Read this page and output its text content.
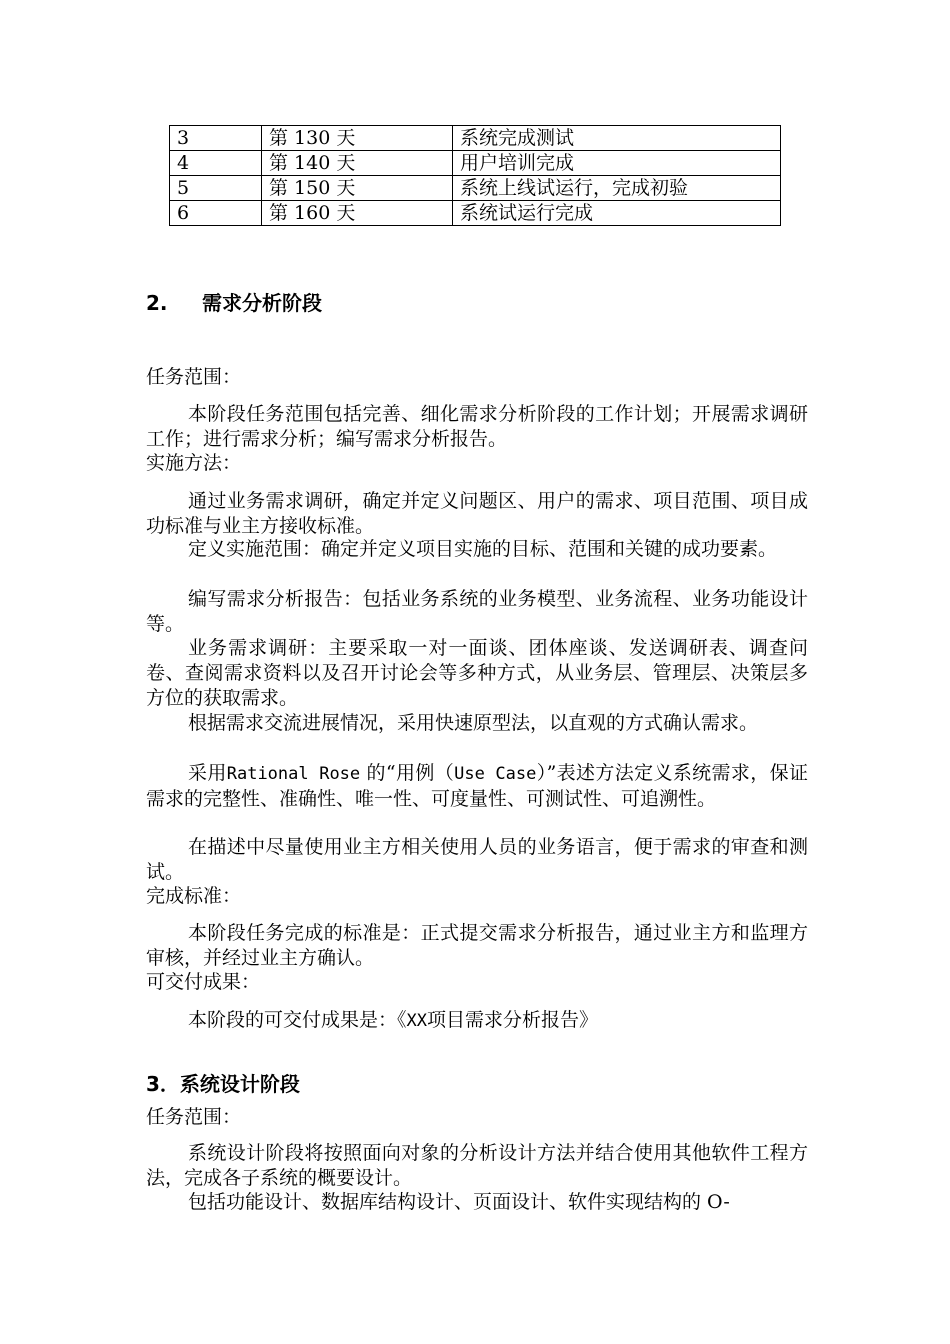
3	第 130 天	系统完成测试
4	第 140 天	用户培训完成
5	第 150 天	系统上线试运行，完成初验
6	第 160 天	系统试运行完成
2. 需求分析阶段
任务范围：
本阶段任务范围包括完善、细化需求分析阶段的工作计划；开展需求调研工作；进行需求分析；编写需求分析报告。
实施方法：
通过业务需求调研，确定并定义问题区、用户的需求、项目范围、项目成功标准与业主方接收标准。
定义实施范围：确定并定义项目实施的目标、范围和关键的成功要素。
编写需求分析报告：包括业务系统的业务模型、业务流程、业务功能设计等。
业务需求调研：主要采取一对一面谈、团体座谈、发送调研表、调查问卷、查阅需求资料以及召开讨论会等多种方式，从业务层、管理层、决策层多方位的获取需求。
根据需求交流进展情况，采用快速原型法，以直观的方式确认需求。
采用Rational Rose 的“用例（Use Case）”表述方法定义系统需求，保证需求的完整性、准确性、唯一性、可度量性、可测试性、可追溯性。
在描述中尽量使用业主方相关使用人员的业务语言，便于需求的审查和测试。
完成标准：
本阶段任务完成的标准是：正式提交需求分析报告，通过业主方和监理方审核，并经过业主方确认。
可交付成果：
本阶段的可交付成果是：《XX项目需求分析报告》
3．系统设计阶段
任务范围：
系统设计阶段将按照面向对象的分析设计方法并结合使用其他软件工程方法，完成各子系统的概要设计。
包括功能设计、数据库结构设计、页面设计、软件实现结构的 O-
